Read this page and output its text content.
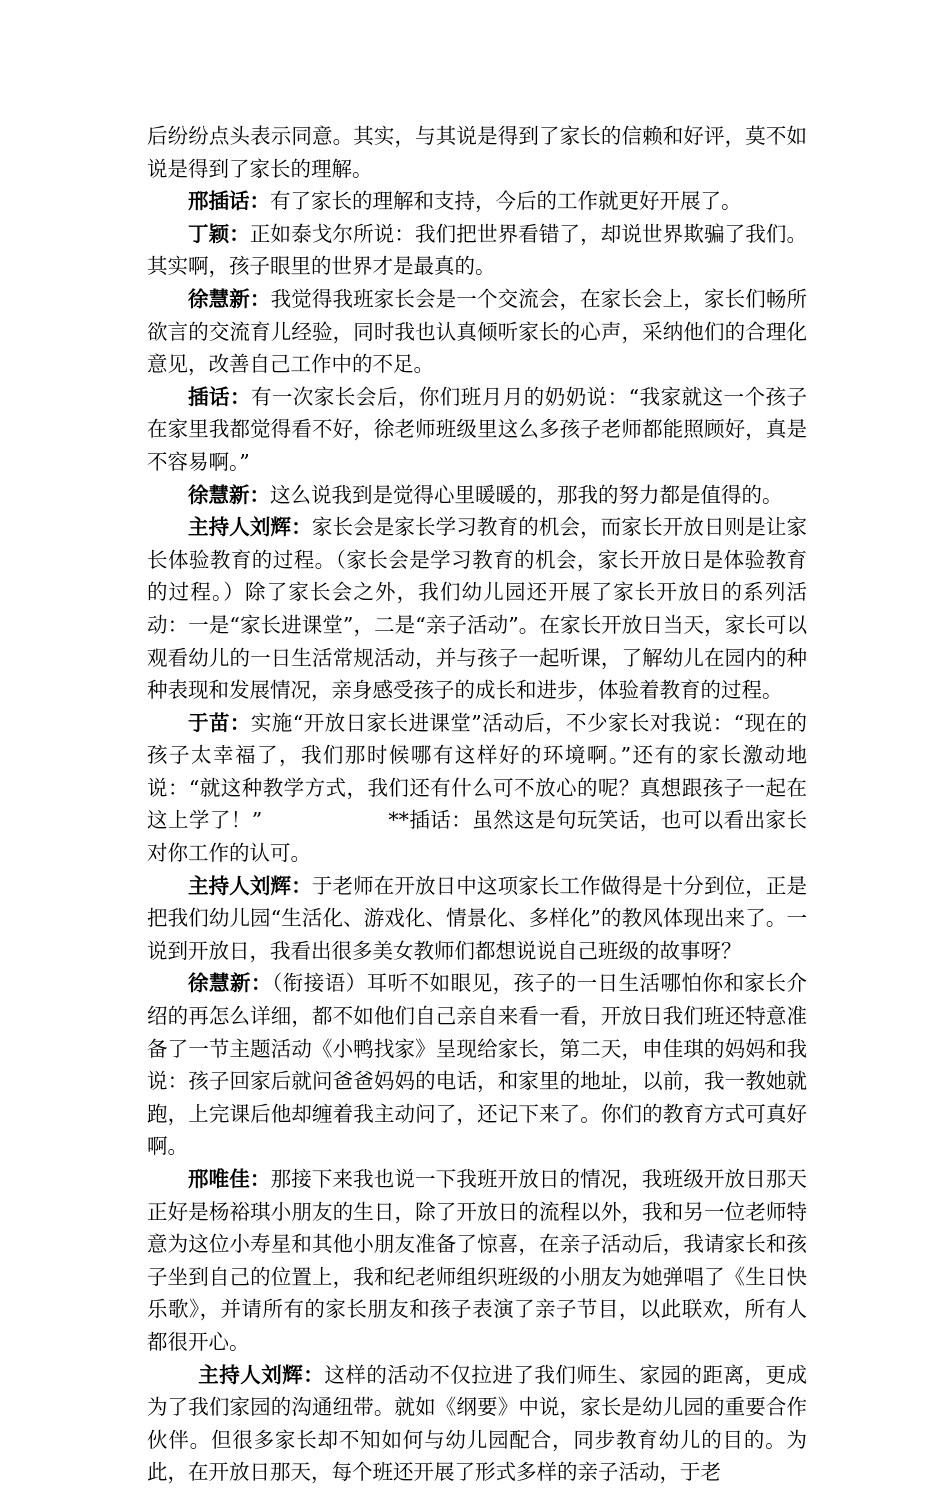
后纷纷点头表示同意。其实，与其说是得到了家长的信赖和好评，莫不如说是得到了家长的理解。

邢插话：有了家长的理解和支持，今后的工作就更好开展了。

丁颖：正如泰戈尔所说：我们把世界看错了，却说世界欺骗了我们。其实啊，孩子眼里的世界才是最真的。

徐慧新：我觉得我班家长会是一个交流会，在家长会上，家长们畅所欲言的交流育儿经验，同时我也认真倾听家长的心声，采纳他们的合理化意见，改善自己工作中的不足。

插话：有一次家长会后，你们班月月的奶奶说：“我家就这一个孩子在家里我都觉得看不好，徐老师班级里这么多孩子老师都能照顾好，真是不容易啊。”

徐慧新：这么说我到是觉得心里暖暖的，那我的努力都是值得的。

主持人刘辉：家长会是家长学习教育的机会，而家长开放日则是让家长体验教育的过程。（家长会是学习教育的机会，家长开放日是体验教育的过程。）除了家长会之外，我们幼儿园还开展了家长开放日的系列活动：一是“家长进课堂”，二是“亲子活动”。在家长开放日当天，家长可以观看幼儿的一日生活常规活动，并与孩子一起听课，了解幼儿在园内的种种表现和发展情况，亲身感受孩子的成长和进步，体验着教育的过程。

于苗：实施“开放日家长进课堂”活动后，不少家长对我说：“现在的孩子太幸福了，我们那时候哪有这样好的环境啊。”还有的家长激动地说：“就这种教学方式，我们还有什么可不放心的呢？真想跟孩子一起在这上学了！”　　　　　　**插话：虽然这是句玩笑话，也可以看出家长对你工作的认可。

主持人刘辉：于老师在开放日中这项家长工作做得是十分到位，正是把我们幼儿园“生活化、游戏化、情景化、多样化”的教风体现出来了。一说到开放日，我看出很多美女教师们都想说说自己班级的故事呀？

徐慧新：（衔接语）耳听不如眼见，孩子的一日生活哪怕你和家长介绍的再怎么详细，都不如他们自己亲自来看一看，开放日我们班还特意准备了一节主题活动《小鸭找家》呈现给家长，第二天，申佳琪的妈妈和我说：孩子回家后就问爸爸妈妈的电话，和家里的地址，以前，我一教她就跑，上完课后他却缠着我主动问了，还记下来了。你们的教育方式可真好啊。

邢唯佳：那接下来我也说一下我班开放日的情况，我班级开放日那天正好是杨裕琪小朋友的生日，除了开放日的流程以外，我和另一位老师特意为这位小寿星和其他小朋友准备了惊喜，在亲子活动后，我请家长和孩子坐到自己的位置上，我和纪老师组织班级的小朋友为她弹唱了《生日快乐歌》，并请所有的家长朋友和孩子表演了亲子节目，以此联欢，所有人都很开心。

主持人刘辉：这样的活动不仅拉进了我们师生、家园的距离，更成为了我们家园的沟通纽带。就如《纲要》中说，家长是幼儿园的重要合作伙伴。但很多家长却不知如何与幼儿园配合，同步教育幼儿的目的。为此，在开放日那天，每个班还开展了形式多样的亲子活动，于老
